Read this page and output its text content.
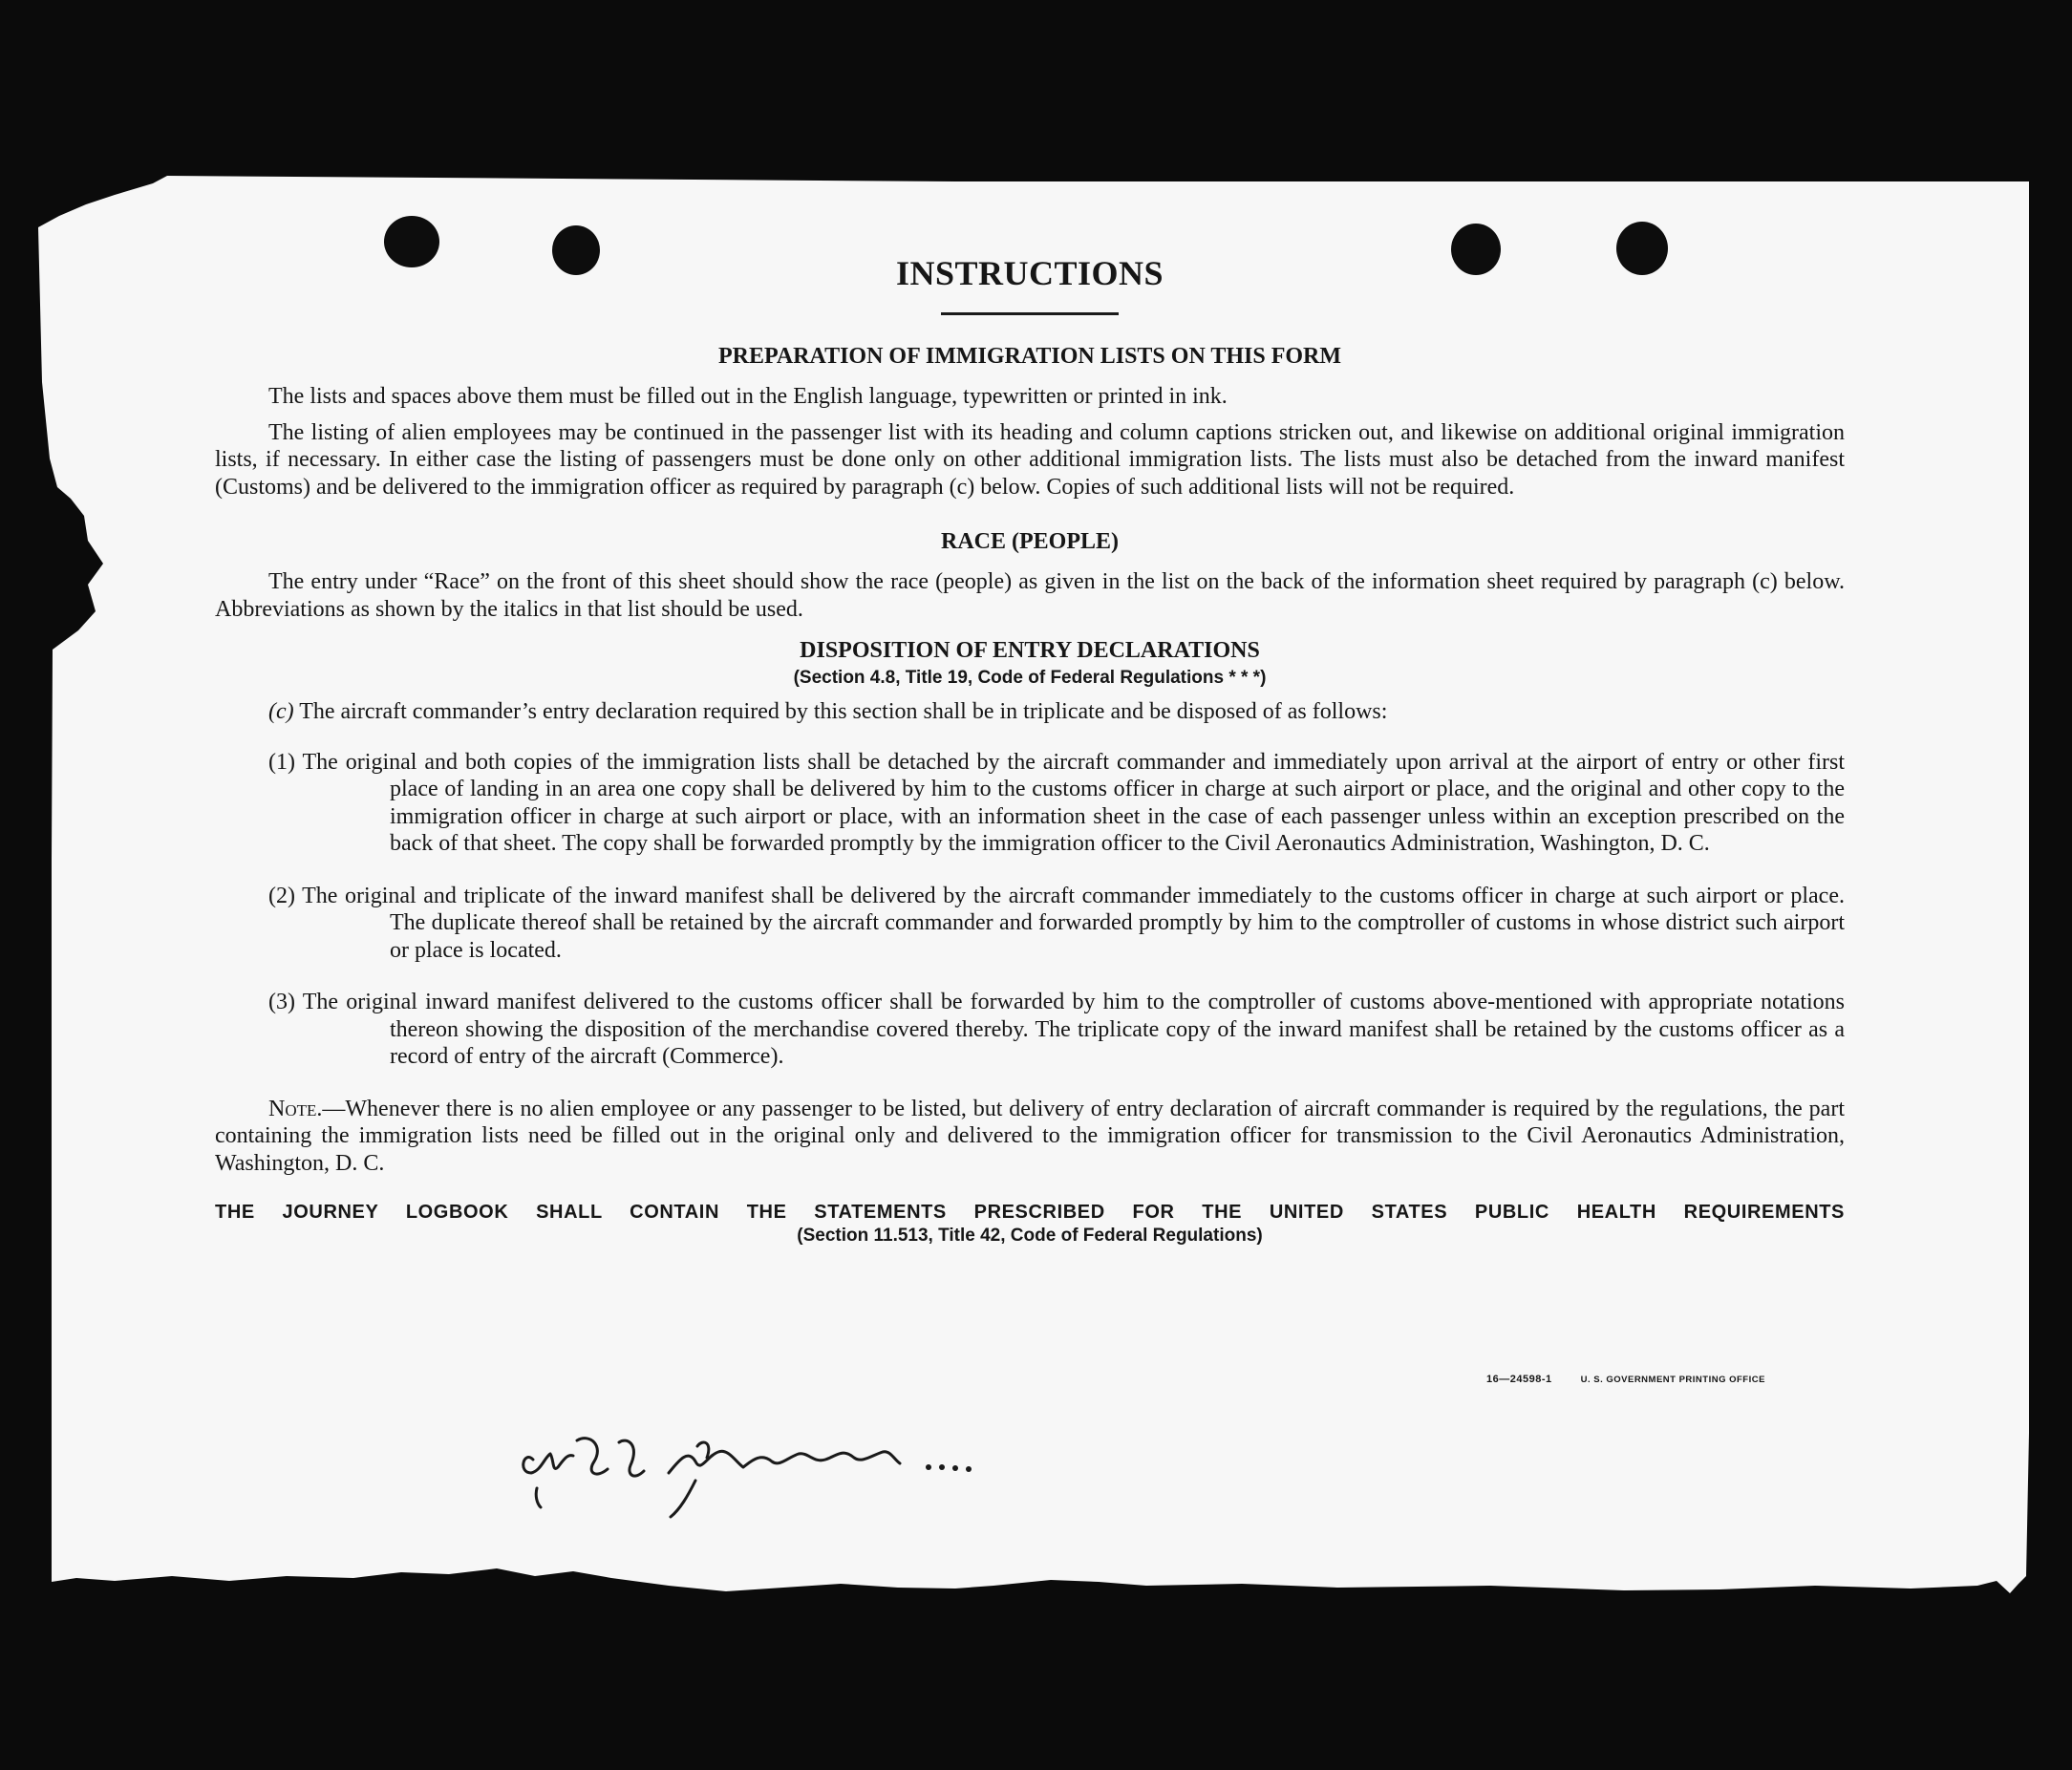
INSTRUCTIONS
PREPARATION OF IMMIGRATION LISTS ON THIS FORM

The lists and spaces above them must be filled out in the English language, typewritten or printed in ink.

The listing of alien employees may be continued in the passenger list with its heading and column captions stricken out, and likewise on additional original immigration lists, if necessary. In either case the listing of passengers must be done only on other additional immigration lists. The lists must also be detached from the inward manifest (Customs) and be delivered to the immigration officer as required by paragraph (c) below. Copies of such additional lists will not be required.

RACE (PEOPLE)

The entry under “Race” on the front of this sheet should show the race (people) as given in the list on the back of the information sheet required by paragraph (c) below. Abbreviations as shown by the italics in that list should be used.

DISPOSITION OF ENTRY DECLARATIONS
(Section 4.8, Title 19, Code of Federal Regulations * * *)

(c) The aircraft commander’s entry declaration required by this section shall be in triplicate and be disposed of as follows:

(1) The original and both copies of the immigration lists shall be detached by the aircraft commander and immediately upon arrival at the airport of entry or other first place of landing in an area one copy shall be delivered by him to the customs officer in charge at such airport or place, and the original and other copy to the immigration officer in charge at such airport or place, with an information sheet in the case of each passenger unless within an exception prescribed on the back of that sheet. The copy shall be forwarded promptly by the immigration officer to the Civil Aeronautics Administration, Washington, D. C.
(2) The original and triplicate of the inward manifest shall be delivered by the aircraft commander immediately to the customs officer in charge at such airport or place. The duplicate thereof shall be retained by the aircraft commander and forwarded promptly by him to the comptroller of customs in whose district such airport or place is located.
(3) The original inward manifest delivered to the customs officer shall be forwarded by him to the comptroller of customs above-mentioned with appropriate notations thereon showing the disposition of the merchandise covered thereby. The triplicate copy of the inward manifest shall be retained by the customs officer as a record of entry of the aircraft (Commerce).

Note.—Whenever there is no alien employee or any passenger to be listed, but delivery of entry declaration of aircraft commander is required by the regulations, the part containing the immigration lists need be filled out in the original only and delivered to the immigration officer for transmission to the Civil Aeronautics Administration, Washington, D. C.

THE JOURNEY LOGBOOK SHALL CONTAIN THE STATEMENTS PRESCRIBED FOR THE UNITED STATES PUBLIC HEALTH REQUIREMENTS
(Section 11.513, Title 42, Code of Federal Regulations)
16—24598-1	U. S. GOVERNMENT PRINTING OFFICE
